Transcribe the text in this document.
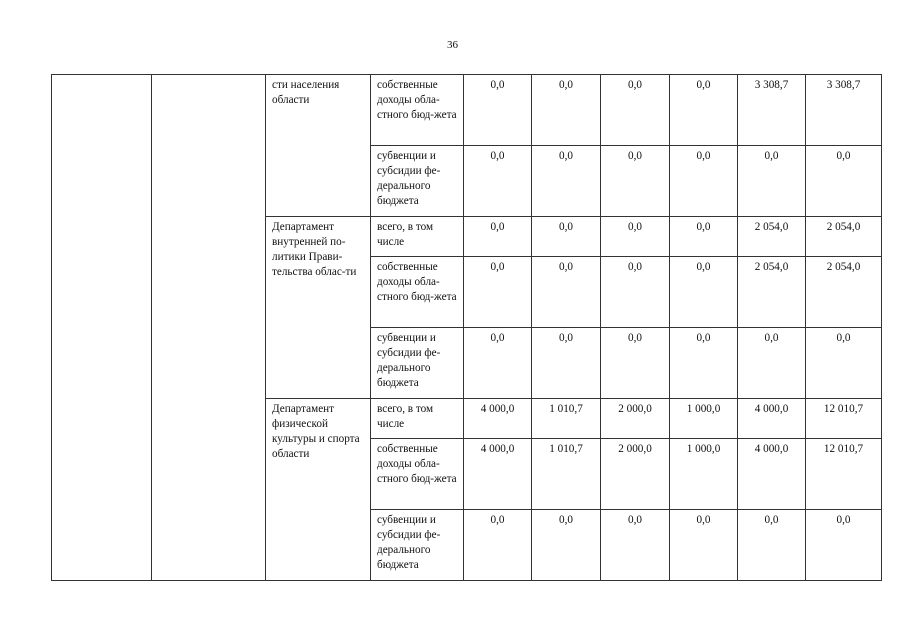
36
		сти населения области	собственные доходы обла-стного бюд-жета	0,0	0,0	0,0	0,0	3 308,7	3 308,7
			субвенции и субсидии фе-дерального бюджета	0,0	0,0	0,0	0,0	0,0	0,0
		Департамент внутренней по-литики Прави-тельства облас-ти	всего, в том числе	0,0	0,0	0,0	0,0	2 054,0	2 054,0
			собственные доходы обла-стного бюд-жета	0,0	0,0	0,0	0,0	2 054,0	2 054,0
			субвенции и субсидии фе-дерального бюджета	0,0	0,0	0,0	0,0	0,0	0,0
		Департамент физической культуры и спорта области	всего, в том числе	4 000,0	1 010,7	2 000,0	1 000,0	4 000,0	12 010,7
			собственные доходы обла-стного бюд-жета	4 000,0	1 010,7	2 000,0	1 000,0	4 000,0	12 010,7
			субвенции и субсидии фе-дерального бюджета	0,0	0,0	0,0	0,0	0,0	0,0
